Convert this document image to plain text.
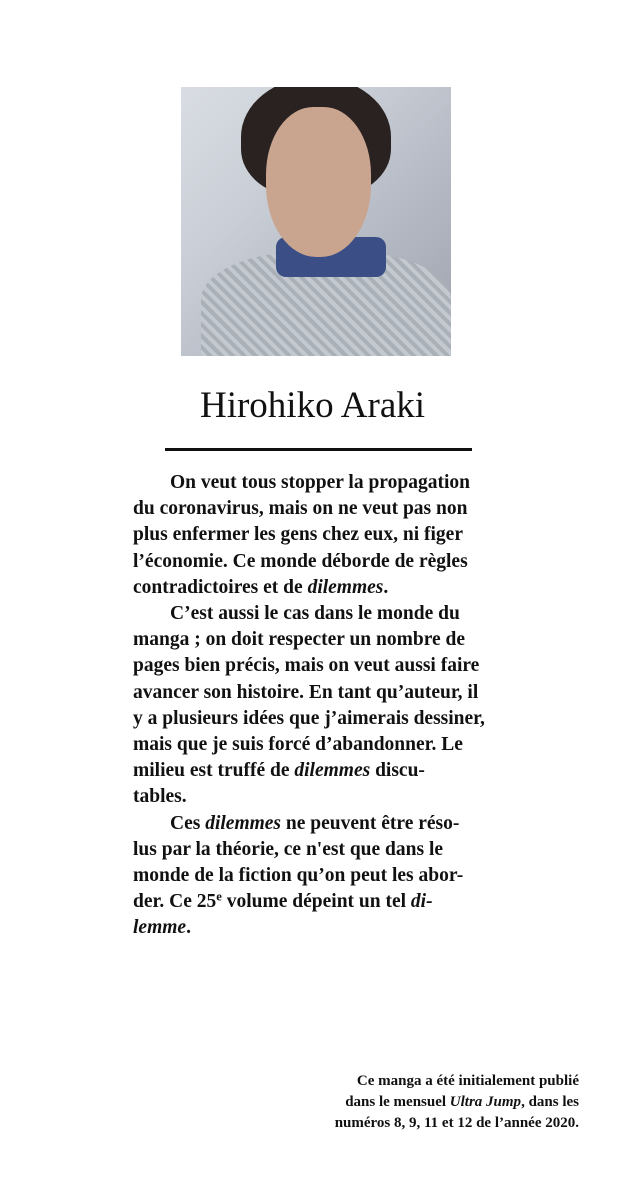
Hirohiko Araki
On veut tous stopper la propagation
du coronavirus, mais on ne veut pas non
plus enfermer les gens chez eux, ni figer
l’économie. Ce monde déborde de règles
contradictoires et de dilemmes.
C’est aussi le cas dans le monde du
manga ; on doit respecter un nombre de
pages bien précis, mais on veut aussi faire
avancer son histoire. En tant qu’auteur, il
y a plusieurs idées que j’aimerais dessiner,
mais que je suis forcé d’abandonner. Le
milieu est truffé de dilemmes discu-
tables.
Ces dilemmes ne peuvent être réso-
lus par la théorie, ce n'est que dans le
monde de la fiction qu’on peut les abor-
der. Ce 25e volume dépeint un tel di-
lemme.
Ce manga a été initialement publié
dans le mensuel Ultra Jump, dans les
numéros 8, 9, 11 et 12 de l’année 2020.
